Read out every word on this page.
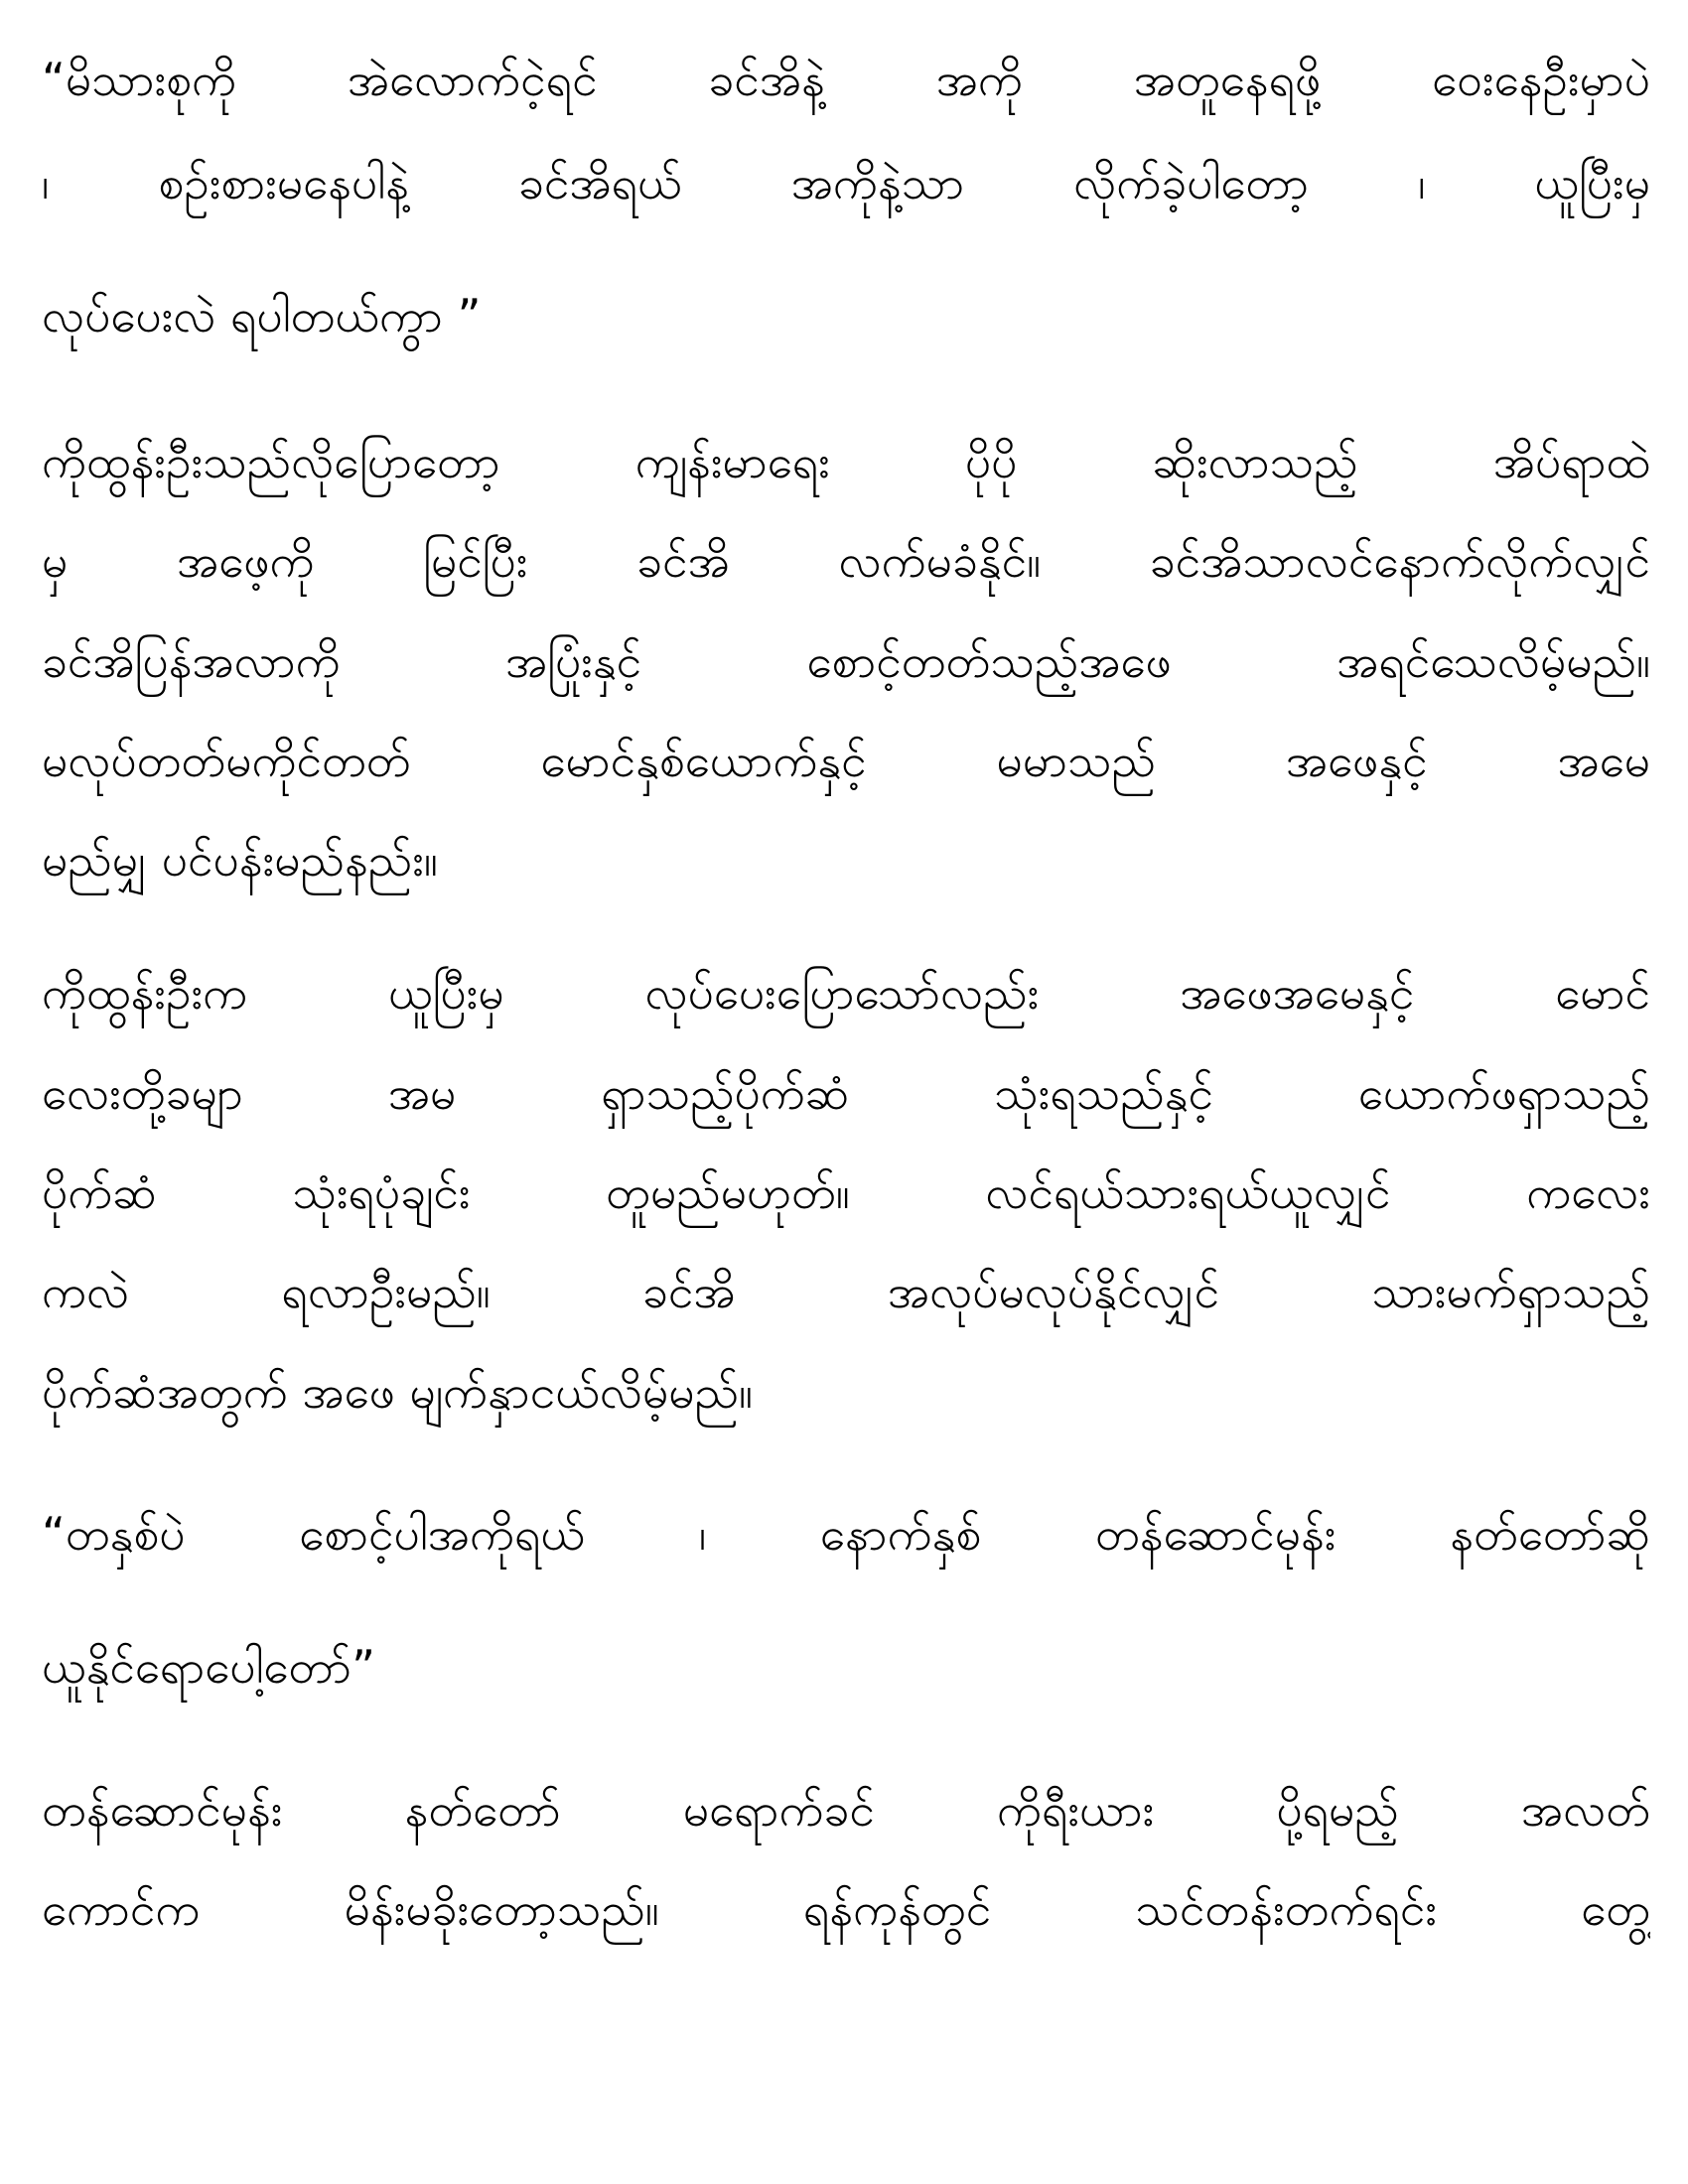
“မိသားစုကို အဲလောက်ငဲ့ရင် ခင်အိနဲ့ အကို အတူနေရဖို့ ဝေးနေဦးမှာပဲ
၊ စဉ်းစားမနေပါနဲ့ ခင်အိရယ် အကိုနဲ့သာ လိုက်ခဲ့ပါတော့ ၊ ယူပြီးမှ
လုပ်ပေးလဲ ရပါတယ်ကွာ ”
ကိုထွန်းဦးသည်လိုပြောတော့ ကျန်းမာရေး ပိုပို ဆိုးလာသည့် အိပ်ရာထဲ
မှ အဖေ့ကို မြင်ပြီး ခင်အိ လက်မခံနိုင်။ ခင်အိသာလင်နောက်လိုက်လျှင်
ခင်အိပြန်အလာကို အပြုံးနှင့် စောင့်တတ်သည့်အဖေ အရင်သေလိမ့်မည်။
မလုပ်တတ်မကိုင်တတ် မောင်နှစ်ယောက်နှင့် မမာသည် အဖေနှင့် အမေ
မည်မျှ ပင်ပန်းမည်နည်း။
ကိုထွန်းဦးက ယူပြီးမှ လုပ်ပေးပြောသော်လည်း အဖေအမေနှင့် မောင်
လေးတို့ခမျာ အမ ရှာသည့်ပိုက်ဆံ သုံးရသည်နှင့် ယောက်ဖရှာသည့်
ပိုက်ဆံ သုံးရပုံချင်း တူမည်မဟုတ်။ လင်ရယ်သားရယ်ယူလျှင် ကလေး
ကလဲ ရလာဦးမည်။ ခင်အိ အလုပ်မလုပ်နိုင်လျှင် သားမက်ရှာသည့်
ပိုက်ဆံအတွက် အဖေ မျက်နှာငယ်လိမ့်မည်။
“တနှစ်ပဲ စောင့်ပါအကိုရယ် ၊ နောက်နှစ် တန်ဆောင်မုန်း နတ်တော်ဆို
ယူနိုင်ရောပေါ့တော်”
တန်ဆောင်မုန်း နတ်တော် မရောက်ခင် ကိုရီးယား ပို့ရမည့် အလတ်
ကောင်က မိန်းမခိုးတော့သည်။ ရန်ကုန်တွင် သင်တန်းတက်ရင်း တွေ့
